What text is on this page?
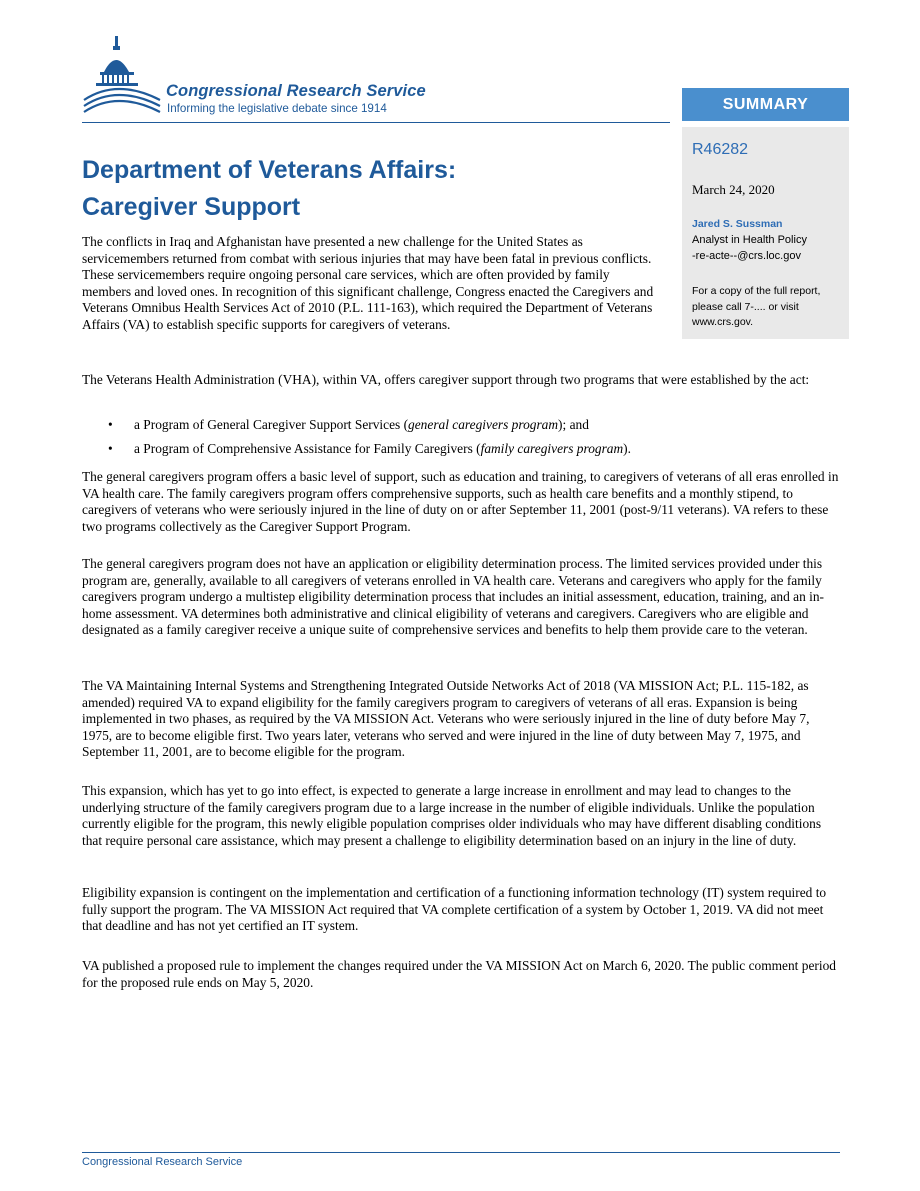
Congressional Research Service
Informing the legislative debate since 1914	SUMMARY
R46282
March 24, 2020
Jared S. Sussman
Analyst in Health Policy
-re-acte--@crs.loc.gov
For a copy of the full report, please call 7-.... or visit www.crs.gov.
Department of Veterans Affairs:
Caregiver Support

The conflicts in Iraq and Afghanistan have presented a new challenge for the United States as servicemembers returned from combat with serious injuries that may have been fatal in previous conflicts. These servicemembers require ongoing personal care services, which are often provided by family members and loved ones. In recognition of this significant challenge, Congress enacted the Caregivers and Veterans Omnibus Health Services Act of 2010 (P.L. 111-163), which required the Department of Veterans Affairs (VA) to establish specific supports for caregivers of veterans.

The Veterans Health Administration (VHA), within VA, offers caregiver support through two programs that were established by the act:

• a Program of General Caregiver Support Services (general caregivers program); and
• a Program of Comprehensive Assistance for Family Caregivers (family caregivers program).

The general caregivers program offers a basic level of support, such as education and training, to caregivers of veterans of all eras enrolled in VA health care. The family caregivers program offers comprehensive supports, such as health care benefits and a monthly stipend, to caregivers of veterans who were seriously injured in the line of duty on or after September 11, 2001 (post-9/11 veterans). VA refers to these two programs collectively as the Caregiver Support Program.

The general caregivers program does not have an application or eligibility determination process. The limited services provided under this program are, generally, available to all caregivers of veterans enrolled in VA health care. Veterans and caregivers who apply for the family caregivers program undergo a multistep eligibility determination process that includes an initial assessment, education, training, and an in-home assessment. VA determines both administrative and clinical eligibility of veterans and caregivers. Caregivers who are eligible and designated as a family caregiver receive a unique suite of comprehensive services and benefits to help them provide care to the veteran.

The VA Maintaining Internal Systems and Strengthening Integrated Outside Networks Act of 2018 (VA MISSION Act; P.L. 115-182, as amended) required VA to expand eligibility for the family caregivers program to caregivers of veterans of all eras. Expansion is being implemented in two phases, as required by the VA MISSION Act. Veterans who were seriously injured in the line of duty before May 7, 1975, are to become eligible first. Two years later, veterans who served and were injured in the line of duty between May 7, 1975, and September 11, 2001, are to become eligible for the program.

This expansion, which has yet to go into effect, is expected to generate a large increase in enrollment and may lead to changes to the underlying structure of the family caregivers program due to a large increase in the number of eligible individuals. Unlike the population currently eligible for the program, this newly eligible population comprises older individuals who may have different disabling conditions that require personal care assistance, which may present a challenge to eligibility determination based on an injury in the line of duty.

Eligibility expansion is contingent on the implementation and certification of a functioning information technology (IT) system required to fully support the program. The VA MISSION Act required that VA complete certification of a system by October 1, 2019. VA did not meet that deadline and has not yet certified an IT system.

VA published a proposed rule to implement the changes required under the VA MISSION Act on March 6, 2020. The public comment period for the proposed rule ends on May 5, 2020.

Congressional Research Service
